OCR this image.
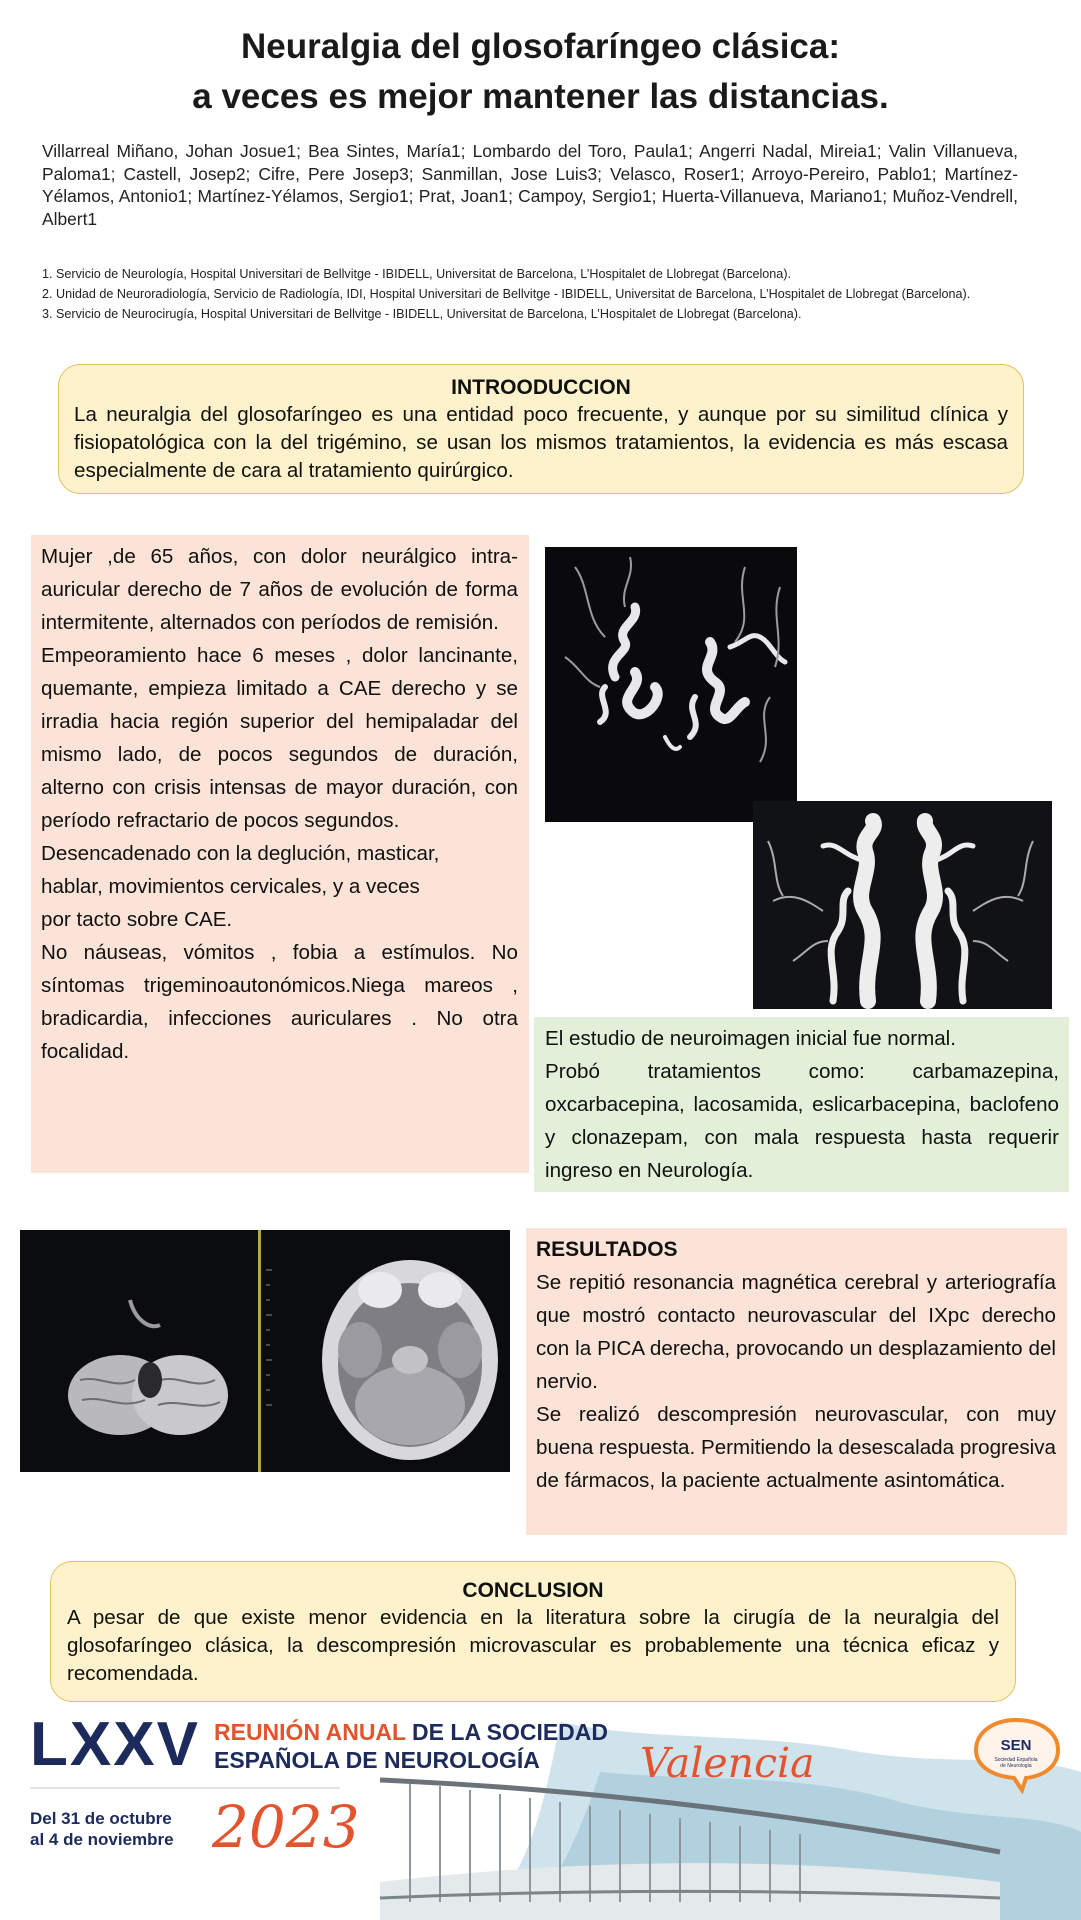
Neuralgia del glosofaríngeo clásica:
a veces es mejor mantener las distancias.
Villarreal Miñano, Johan Josue1; Bea Sintes, María1; Lombardo del Toro, Paula1; Angerri Nadal, Mireia1; Valin Villanueva, Paloma1; Castell, Josep2; Cifre, Pere Josep3; Sanmillan, Jose Luis3; Velasco, Roser1; Arroyo-Pereiro, Pablo1; Martínez-Yélamos, Antonio1; Martínez-Yélamos, Sergio1; Prat, Joan1; Campoy, Sergio1; Huerta-Villanueva, Mariano1; Muñoz-Vendrell, Albert1

1. Servicio de Neurología, Hospital Universitari de Bellvitge - IBIDELL, Universitat de Barcelona, L’Hospitalet de Llobregat (Barcelona).

2. Unidad de Neuroradiología, Servicio de Radiología, IDI, Hospital Universitari de Bellvitge - IBIDELL, Universitat de Barcelona, L’Hospitalet de Llobregat (Barcelona).

3. Servicio de Neurocirugía, Hospital Universitari de Bellvitge - IBIDELL, Universitat de Barcelona, L’Hospitalet de Llobregat (Barcelona).

INTROODUCCION

La neuralgia del glosofaríngeo es una entidad poco frecuente, y aunque por su similitud clínica y fisiopatológica con la del trigémino, se usan los mismos tratamientos, la evidencia es más escasa especialmente de cara al tratamiento quirúrgico.

Mujer ,de 65 años, con dolor neurálgico intra-auricular derecho de 7 años de evolución de forma intermitente, alternados con períodos de remisión.

Empeoramiento hace 6 meses , dolor lancinante, quemante, empieza limitado a CAE derecho y se irradia hacia región superior del hemipaladar del mismo lado, de pocos segundos de duración, alterno con crisis intensas de mayor duración, con período refractario de pocos segundos.

Desencadenado con la deglución, masticar,

hablar, movimientos cervicales, y a veces

por tacto sobre CAE.

No náuseas, vómitos , fobia a estímulos. No síntomas trigeminoautonómicos.Niega mareos , bradicardia, infecciones auriculares . No otra focalidad.

El estudio de neuroimagen inicial fue normal.

Probó tratamientos como: carbamazepina, oxcarbacepina, lacosamida, eslicarbacepina, baclofeno y clonazepam, con mala respuesta hasta requerir ingreso en Neurología.

RESULTADOS

Se repitió resonancia magnética cerebral y arteriografía que mostró contacto neurovascular del IXpc derecho con la PICA derecha, provocando un desplazamiento del nervio.

Se realizó descompresión neurovascular, con muy buena respuesta. Permitiendo la desescalada progresiva de fármacos, la paciente actualmente asintomática.

CONCLUSION

A pesar de que existe menor evidencia en la literatura sobre la cirugía de la neuralgia del glosofaríngeo clásica, la descompresión microvascular es probablemente una técnica eficaz y recomendada.

LXXV REUNIÓN ANUAL DE LA SOCIEDAD
ESPAÑOLA DE NEUROLOGÍA	Valencia
Del 31 de octubre
al 4 de noviembre 2023
SEN
Sociedad Española
de Neurología
